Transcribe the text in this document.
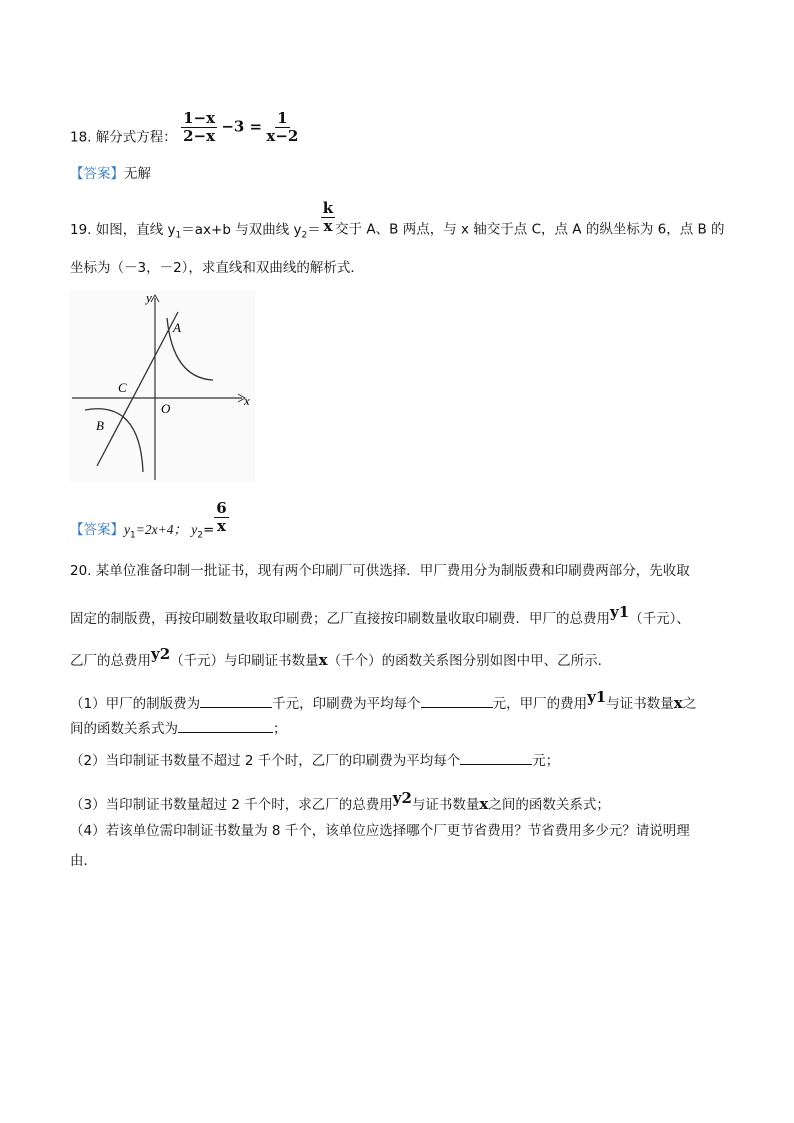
18. 解分式方程： $\frac{1-x}{2-x} -3 = \frac{1}{x-2}$
【答案】无解
19. 如图，直线 $y_1=ax+b$ 与双曲线 $y_2= \frac{k}{x}$ 交于 A、B 两点，与 x 轴交于点 C，点 A 的纵坐标为 6，点 B 的
坐标为（－3，－2），求直线和双曲线的解析式．
y
x
A
C
O
B
【答案】$y_1=2x+4$； $y_2= \frac{6}{x}$
20. 某单位准备印制一批证书，现有两个印刷厂可供选择．甲厂费用分为制版费和印刷费两部分，先收取
固定的制版费，再按印刷数量收取印刷费；乙厂直接按印刷数量收取印刷费．甲厂的总费用y1（千元）、
乙厂的总费用y2（千元）与印刷证书数量x（千个）的函数关系图分别如图中甲、乙所示．
（1）甲厂的制版费为	千元，印刷费为平均每个	元，甲厂的费用y1与证书数量x之
间的函数关系式为	；
（2）当印制证书数量不超过 2 千个时，乙厂的印刷费为平均每个	元；
（3）当印制证书数量超过 2 千个时，求乙厂的总费用y2与证书数量x之间的函数关系式；
（4）若该单位需印制证书数量为 8 千个，该单位应选择哪个厂更节省费用？节省费用多少元？请说明理
由．
